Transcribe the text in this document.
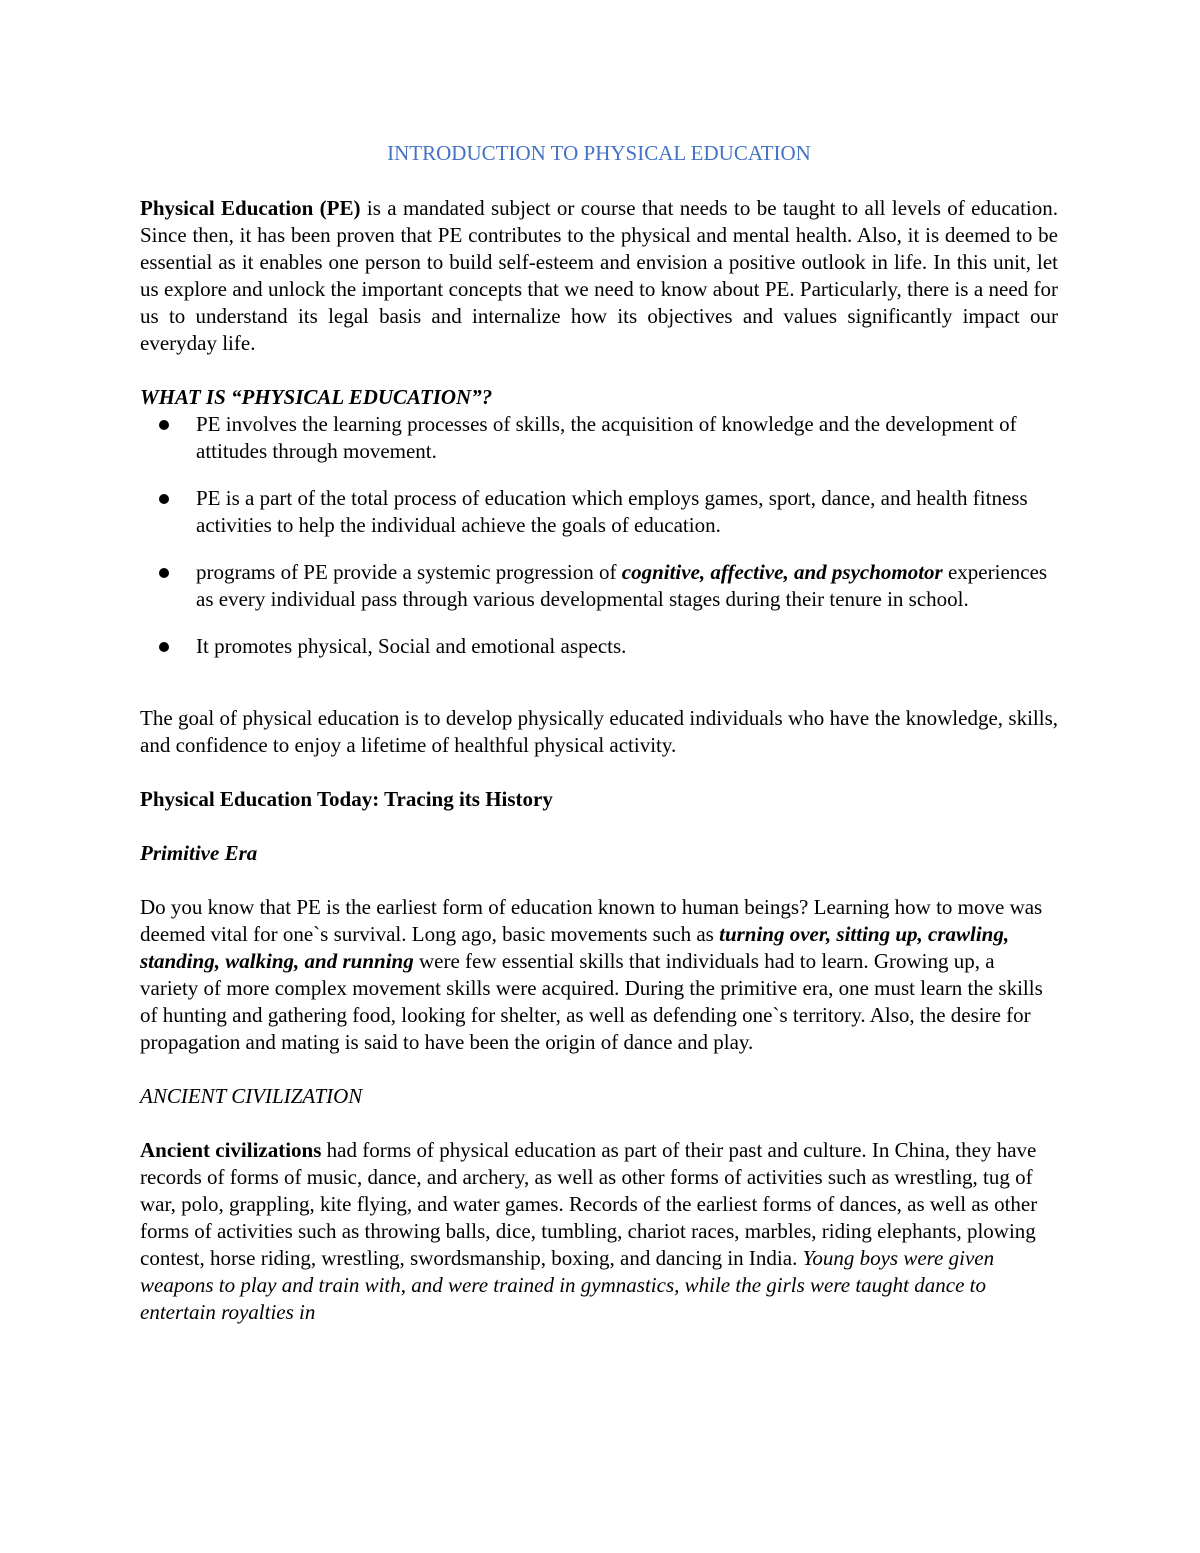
INTRODUCTION TO PHYSICAL EDUCATION

Physical Education (PE) is a mandated subject or course that needs to be taught to all levels of education. Since then, it has been proven that PE contributes to the physical and mental health. Also, it is deemed to be essential as it enables one person to build self-esteem and envision a positive outlook in life. In this unit, let us explore and unlock the important concepts that we need to know about PE. Particularly, there is a need for us to understand its legal basis and internalize how its objectives and values significantly impact our everyday life.

WHAT IS “PHYSICAL EDUCATION”?

PE involves the learning processes of skills, the acquisition of knowledge and the development of attitudes through movement.
PE is a part of the total process of education which employs games, sport, dance, and health fitness activities to help the individual achieve the goals of education.
programs of PE provide a systemic progression of cognitive, affective, and psychomotor experiences as every individual pass through various developmental stages during their tenure in school.
It promotes physical, Social and emotional aspects.

The goal of physical education is to develop physically educated individuals who have the knowledge, skills, and confidence to enjoy a lifetime of healthful physical activity.

Physical Education Today: Tracing its History

Primitive Era

Do you know that PE is the earliest form of education known to human beings? Learning how to move was deemed vital for one`s survival. Long ago, basic movements such as turning over, sitting up, crawling, standing, walking, and running were few essential skills that individuals had to learn. Growing up, a variety of more complex movement skills were acquired. During the primitive era, one must learn the skills of hunting and gathering food, looking for shelter, as well as defending one`s territory. Also, the desire for propagation and mating is said to have been the origin of dance and play.

ANCIENT CIVILIZATION

Ancient civilizations had forms of physical education as part of their past and culture. In China, they have records of forms of music, dance, and archery, as well as other forms of activities such as wrestling, tug of war, polo, grappling, kite flying, and water games. Records of the earliest forms of dances, as well as other forms of activities such as throwing balls, dice, tumbling, chariot races, marbles, riding elephants, plowing contest, horse riding, wrestling, swordsmanship, boxing, and dancing in India. Young boys were given weapons to play and train with, and were trained in gymnastics, while the girls were taught dance to entertain royalties in
